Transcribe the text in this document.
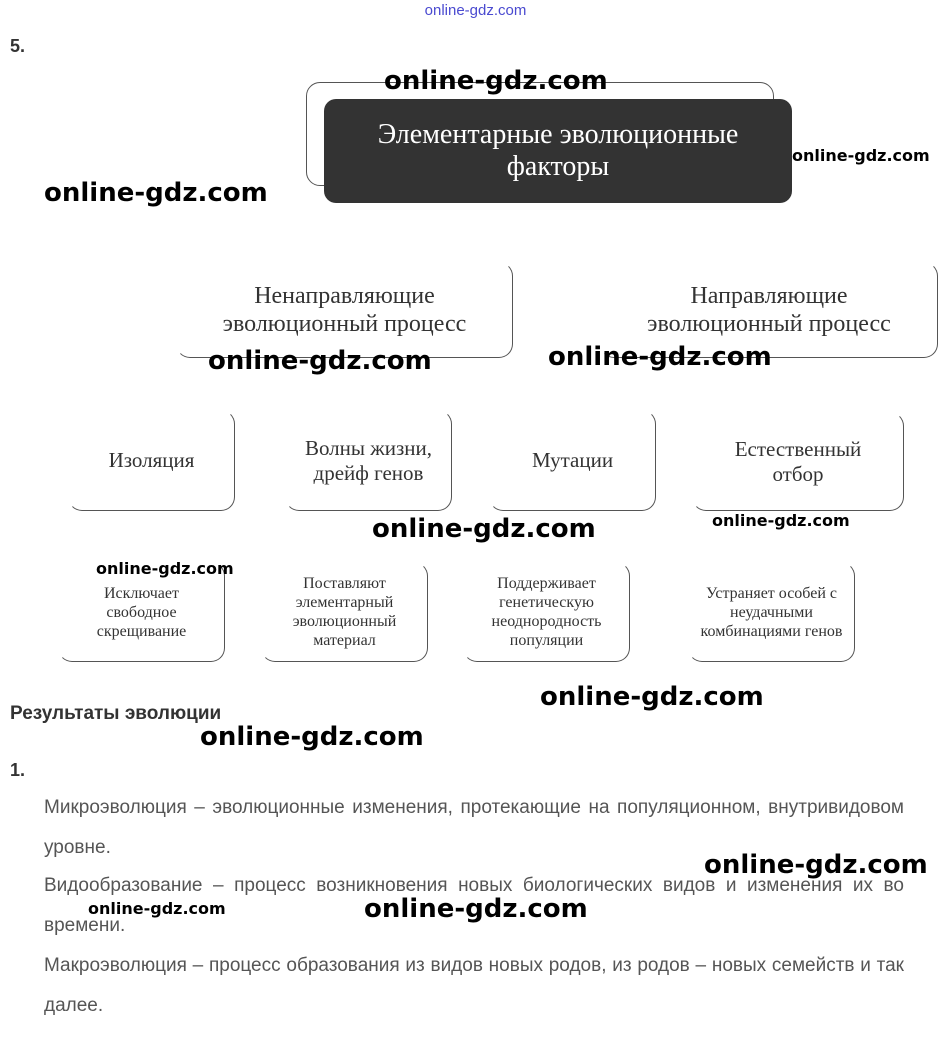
online-gdz.com
5.
Элементарные эволюционные факторы
Ненаправляющие эволюционный процесс
Направляющие эволюционный процесс
Изоляция
Волны жизни, дрейф генов
Мутации	Естественный отбор
Исключает свободное скрещивание
Поставляют элементарный эволюционный материал
Поддерживает генетическую неоднородность популяции
Устраняет особей с неудачными комбинациями генов
Результаты эволюции
1.

Микроэволюция – эволюционные изменения, протекающие на популяционном, внутривидовом уровне.

Видообразование – процесс возникновения новых биологических видов и изменения их во времени.

Макроэволюция – процесс образования из видов новых родов, из родов – новых семейств и так далее.

online-gdz.com
online-gdz.com
online-gdz.com
online-gdz.com	online-gdz.com
online-gdz.com	online-gdz.com
online-gdz.com
online-gdz.com
online-gdz.com
online-gdz.com
online-gdz.com	online-gdz.com
